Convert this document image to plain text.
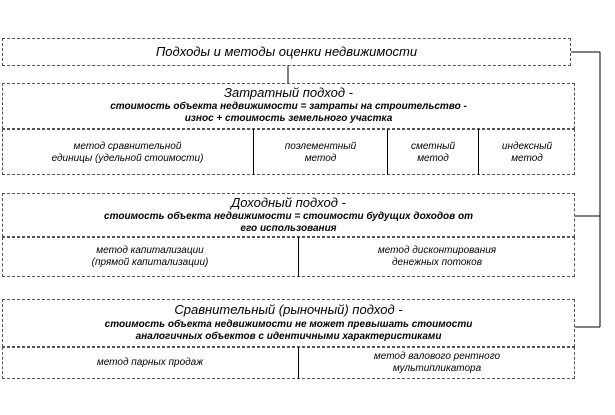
Подходы и методы оценки недвижимости
Затратный подход -
стоимость объекта недвижимости = затраты на строительство -
износ + стоимость земельного участка
метод сравнительной
единицы (удельной стоимости)
поэлементный
метод
сметный
метод
индексный
метод
Доходный подход -
стоимость объекта недвижимости = стоимости будущих доходов от
его использования
метод капитализации
(прямой капитализации)
метод дисконтирования
денежных потоков
Сравнительный (рыночный) подход -
стоимость объекта недвижимости не может превышать стоимости
аналогичных объектов с идентичными характеристиками
метод парных продаж
метод валового рентного
мультипликатора
